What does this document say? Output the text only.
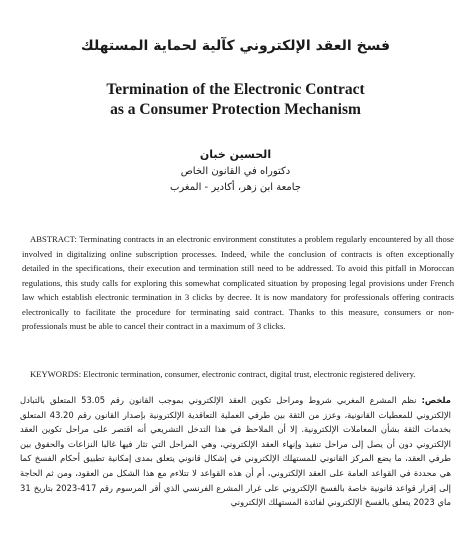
فسخ العقد الإلكتروني كآلية لحماية المستهلك
Termination of the Electronic Contract
as a Consumer Protection Mechanism
الحسين خبان
دكتوراه في القانون الخاص
جامعة ابن زهر، أكادير - المغرب

ABSTRACT: Terminating contracts in an electronic environment constitutes a problem regularly encountered by all those involved in digitalizing online subscription processes. Indeed, while the conclusion of contracts is often exceptionally detailed in the specifications, their execution and termination still need to be addressed. To avoid this pitfall in Moroccan regulations, this study calls for exploring this somewhat complicated situation by proposing legal provisions under French law which establish electronic termination in 3 clicks by decree. It is now mandatory for professionals offering contracts electronically to facilitate the procedure for terminating said contract. Thanks to this measure, consumers or non-professionals must be able to cancel their contract in a maximum of 3 clicks.

KEYWORDS: Electronic termination, consumer, electronic contract, digital trust, electronic registered delivery.

ملخص: نظم المشرع المغربي شروط ومراحل تكوين العقد الإلكتروني بموجب القانون رقم 53.05 المتعلق بالتبادل الإلكتروني للمعطيات القانونية، وعزز من الثقة بين طرفي العملية التعاقدية الإلكترونية بإصدار القانون رقم 43.20 المتعلق بخدمات الثقة بشأن المعاملات الإلكترونية. إلا أن الملاحظ في هذا التدخل التشريعي أنه اقتصر على مراحل تكوين العقد الإلكتروني دون أن يصل إلى مراحل تنفيذ وإنهاء العقد الإلكتروني، وهي المراحل التي تثار فيها غالبا النزاعات والحقوق بين طرفي العقد، ما يضع المركز القانوني للمستهلك الإلكتروني في إشكال قانوني يتعلق بمدى إمكانية تطبيق أحكام الفسخ كما هي محددة في القواعد العامة على العقد الإلكتروني، أم أن هذه القواعد لا تتلاءم مع هذا الشكل من العقود، ومن ثم الحاجة إلى إقرار قواعد قانونية خاصة بالفسخ الإلكتروني على غرار المشرع الفرنسي الذي أقر المرسوم رقم 417-2023 بتاريخ 31 ماي 2023 يتعلق بالفسخ الإلكتروني لفائدة المستهلك الإلكتروني
